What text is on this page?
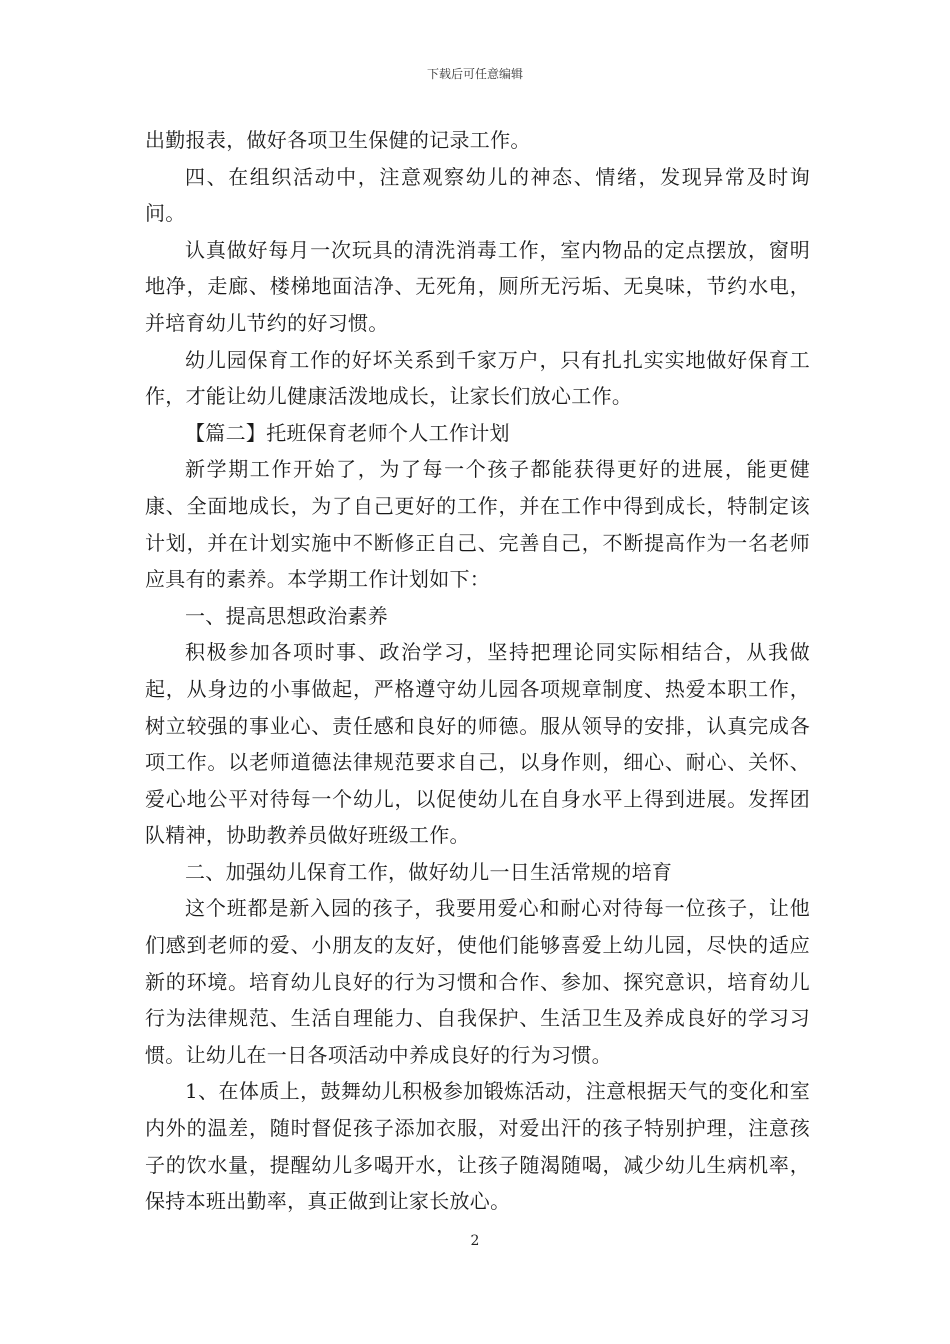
下载后可任意编辑

出勤报表，做好各项卫生保健的记录工作。

四、在组织活动中，注意观察幼儿的神态、情绪，发现异常及时询问。

认真做好每月一次玩具的清洗消毒工作，室内物品的定点摆放，窗明地净，走廊、楼梯地面洁净、无死角，厕所无污垢、无臭味，节约水电，并培育幼儿节约的好习惯。

幼儿园保育工作的好坏关系到千家万户，只有扎扎实实地做好保育工作，才能让幼儿健康活泼地成长，让家长们放心工作。

【篇二】托班保育老师个人工作计划

新学期工作开始了，为了每一个孩子都能获得更好的进展，能更健康、全面地成长，为了自己更好的工作，并在工作中得到成长，特制定该计划，并在计划实施中不断修正自己、完善自己，不断提高作为一名老师应具有的素养。本学期工作计划如下：

一、提高思想政治素养

积极参加各项时事、政治学习，坚持把理论同实际相结合，从我做起，从身边的小事做起，严格遵守幼儿园各项规章制度、热爱本职工作，树立较强的事业心、责任感和良好的师德。服从领导的安排，认真完成各项工作。以老师道德法律规范要求自己，以身作则，细心、耐心、关怀、爱心地公平对待每一个幼儿，以促使幼儿在自身水平上得到进展。发挥团队精神，协助教养员做好班级工作。

二、加强幼儿保育工作，做好幼儿一日生活常规的培育

这个班都是新入园的孩子，我要用爱心和耐心对待每一位孩子，让他们感到老师的爱、小朋友的友好，使他们能够喜爱上幼儿园，尽快的适应新的环境。培育幼儿良好的行为习惯和合作、参加、探究意识，培育幼儿行为法律规范、生活自理能力、自我保护、生活卫生及养成良好的学习习惯。让幼儿在一日各项活动中养成良好的行为习惯。

1、在体质上，鼓舞幼儿积极参加锻炼活动，注意根据天气的变化和室内外的温差，随时督促孩子添加衣服，对爱出汗的孩子特别护理，注意孩子的饮水量，提醒幼儿多喝开水，让孩子随渴随喝，减少幼儿生病机率，保持本班出勤率，真正做到让家长放心。

2
